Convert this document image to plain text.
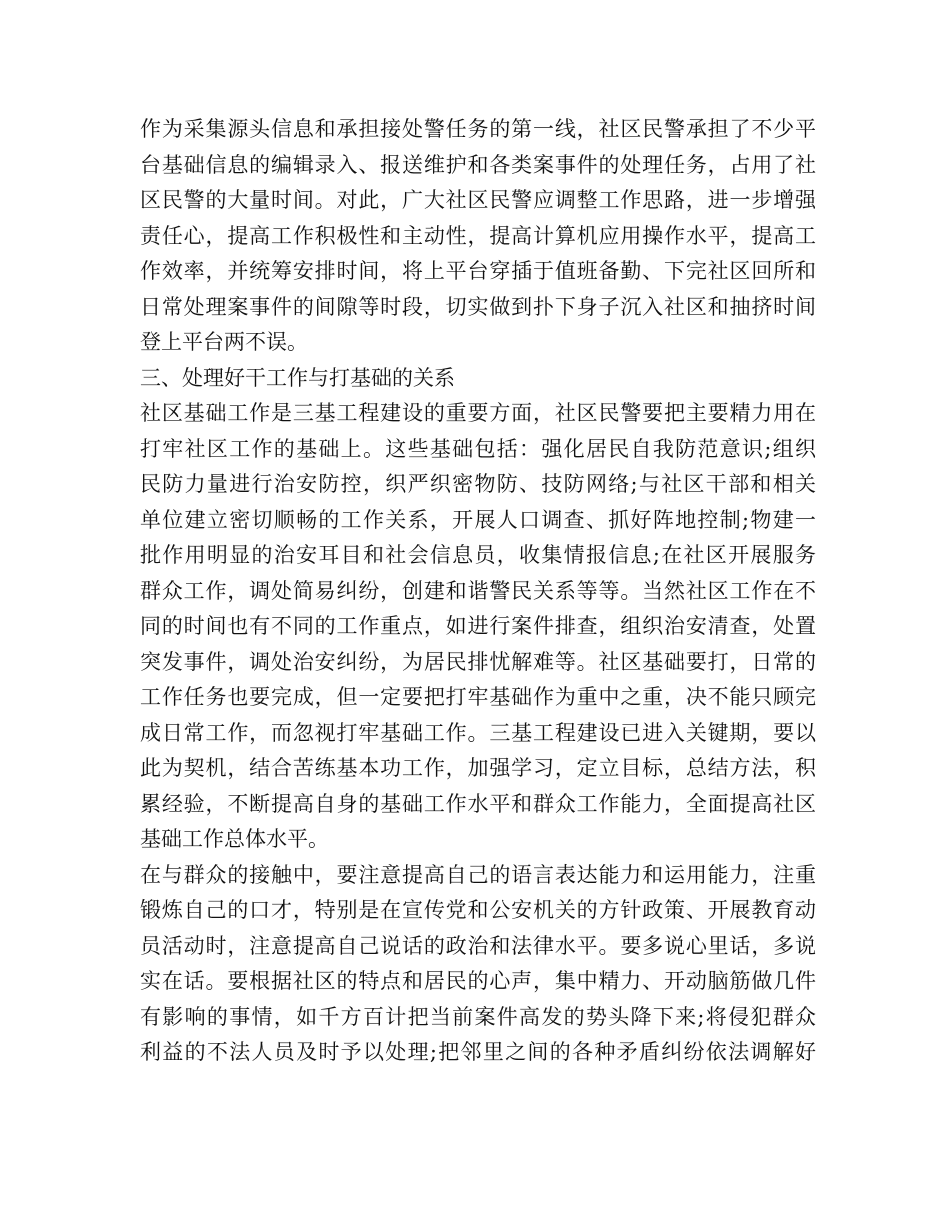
作为采集源头信息和承担接处警任务的第一线，社区民警承担了不少平
台基础信息的编辑录入、报送维护和各类案事件的处理任务，占用了社
区民警的大量时间。对此，广大社区民警应调整工作思路，进一步增强
责任心，提高工作积极性和主动性，提高计算机应用操作水平，提高工
作效率，并统筹安排时间，将上平台穿插于值班备勤、下完社区回所和
日常处理案事件的间隙等时段，切实做到扑下身子沉入社区和抽挤时间
登上平台两不误。
三、处理好干工作与打基础的关系
社区基础工作是三基工程建设的重要方面，社区民警要把主要精力用在
打牢社区工作的基础上。这些基础包括：强化居民自我防范意识;组织
民防力量进行治安防控，织严织密物防、技防网络;与社区干部和相关
单位建立密切顺畅的工作关系，开展人口调查、抓好阵地控制;物建一
批作用明显的治安耳目和社会信息员，收集情报信息;在社区开展服务
群众工作，调处简易纠纷，创建和谐警民关系等等。当然社区工作在不
同的时间也有不同的工作重点，如进行案件排查，组织治安清查，处置
突发事件，调处治安纠纷，为居民排忧解难等。社区基础要打，日常的
工作任务也要完成，但一定要把打牢基础作为重中之重，决不能只顾完
成日常工作，而忽视打牢基础工作。三基工程建设已进入关键期，要以
此为契机，结合苦练基本功工作，加强学习，定立目标，总结方法，积
累经验，不断提高自身的基础工作水平和群众工作能力，全面提高社区
基础工作总体水平。
在与群众的接触中，要注意提高自己的语言表达能力和运用能力，注重
锻炼自己的口才，特别是在宣传党和公安机关的方针政策、开展教育动
员活动时，注意提高自己说话的政治和法律水平。要多说心里话，多说
实在话。要根据社区的特点和居民的心声，集中精力、开动脑筋做几件
有影响的事情，如千方百计把当前案件高发的势头降下来;将侵犯群众
利益的不法人员及时予以处理;把邻里之间的各种矛盾纠纷依法调解好
